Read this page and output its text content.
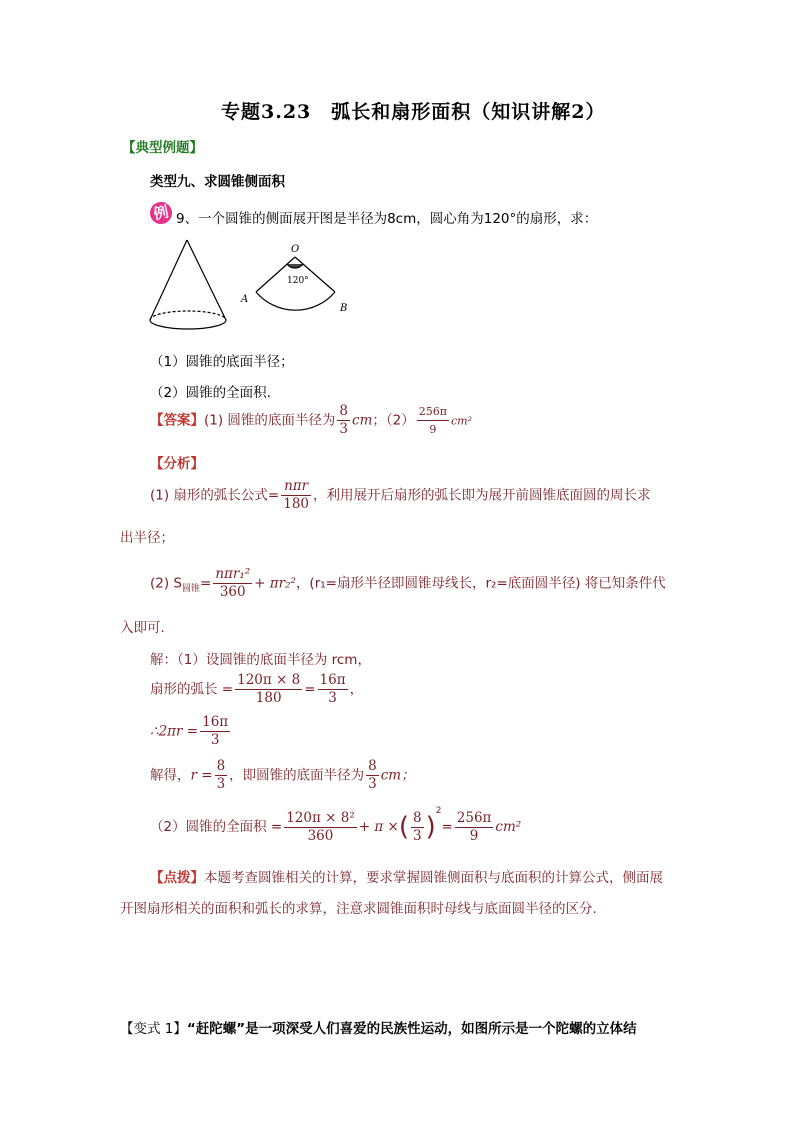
专题3.23　弧长和扇形面积（知识讲解2）
【典型例题】
类型九、求圆锥侧面积
例 9、一个圆锥的侧面展开图是半径为8cm，圆心角为120°的扇形，求：
O
A
B
120°
（1）圆锥的底面半径；
（2）圆锥的全面积.
【答案】(1) 圆锥的底面半径为 $\frac{8}{3}$ cm；$(2) \frac{256\pi}{9} cm^2$
【分析】
(1) 扇形的弧长公式= $\frac{\text{nπr}}{180}$ ，利用展开后扇形的弧长即为展开前圆锥底面圆的周长求
出半径；
(2) $S_{圆锥}= \frac{\text{nπr₁²}}{360} + \pi r_2^2$，(r₁=扇形半径即圆锥母线长，r₂=底面圆半径) 将已知条件代
入即可.
解：（1）设圆锥的底面半径为 rcm，
扇形的弧长 = $\frac{120\pi \times 8}{180} = \frac{16\pi}{3}$ ，
∴2πr = $\frac{16\pi}{3}$
解得，$r = \frac{8}{3}$ ，即圆锥的底面半径为 $\frac{8}{3}$ cm；
（2）圆锥的全面积 = $\frac{\text{120π × 8²}}{360} + \pi$ ×( $\frac{8}{3} )^2= \frac{256\pi}{9} cm^2$
【点拨】本题考查圆锥相关的计算，要求掌握圆锥侧面积与底面积的计算公式，侧面展
开图扇形相关的面积和弧长的求算，注意求圆锥面积时母线与底面圆半径的区分.
【变式 1】“赶陀螺”是一项深受人们喜爱的民族性运动，如图所示是一个陀螺的立体结
